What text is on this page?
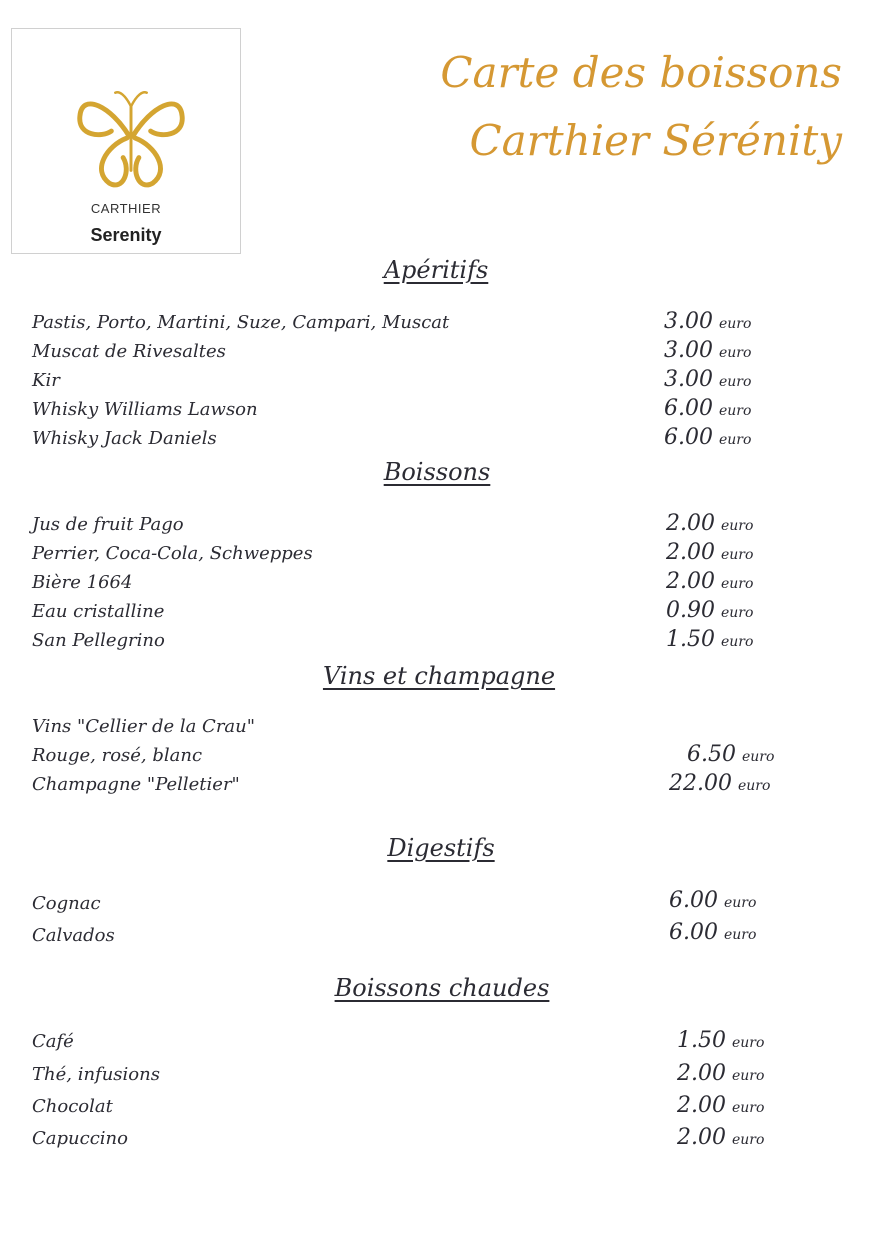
CARTHIER
Serenity
Carte des boissons
Carthier Sérénity
Apéritifs
Pastis, Porto, Martini, Suze, Campari, Muscat	3.00 euro
Muscat de Rivesaltes	3.00 euro
Kir	3.00 euro
Whisky Williams Lawson	6.00 euro
Whisky Jack Daniels	6.00 euro
Boissons
Jus de fruit Pago	2.00 euro
Perrier, Coca-Cola, Schweppes	2.00 euro
Bière 1664	2.00 euro
Eau cristalline	0.90 euro
San Pellegrino	1.50 euro
Vins et champagne
Vins "Cellier de la Crau"
Rouge, rosé, blanc	6.50 euro
Champagne "Pelletier"	22.00 euro
Digestifs
Cognac	6.00 euro
Calvados	6.00 euro
Boissons chaudes
Café	1.50 euro
Thé, infusions	2.00 euro
Chocolat	2.00 euro
Capuccino	2.00 euro
